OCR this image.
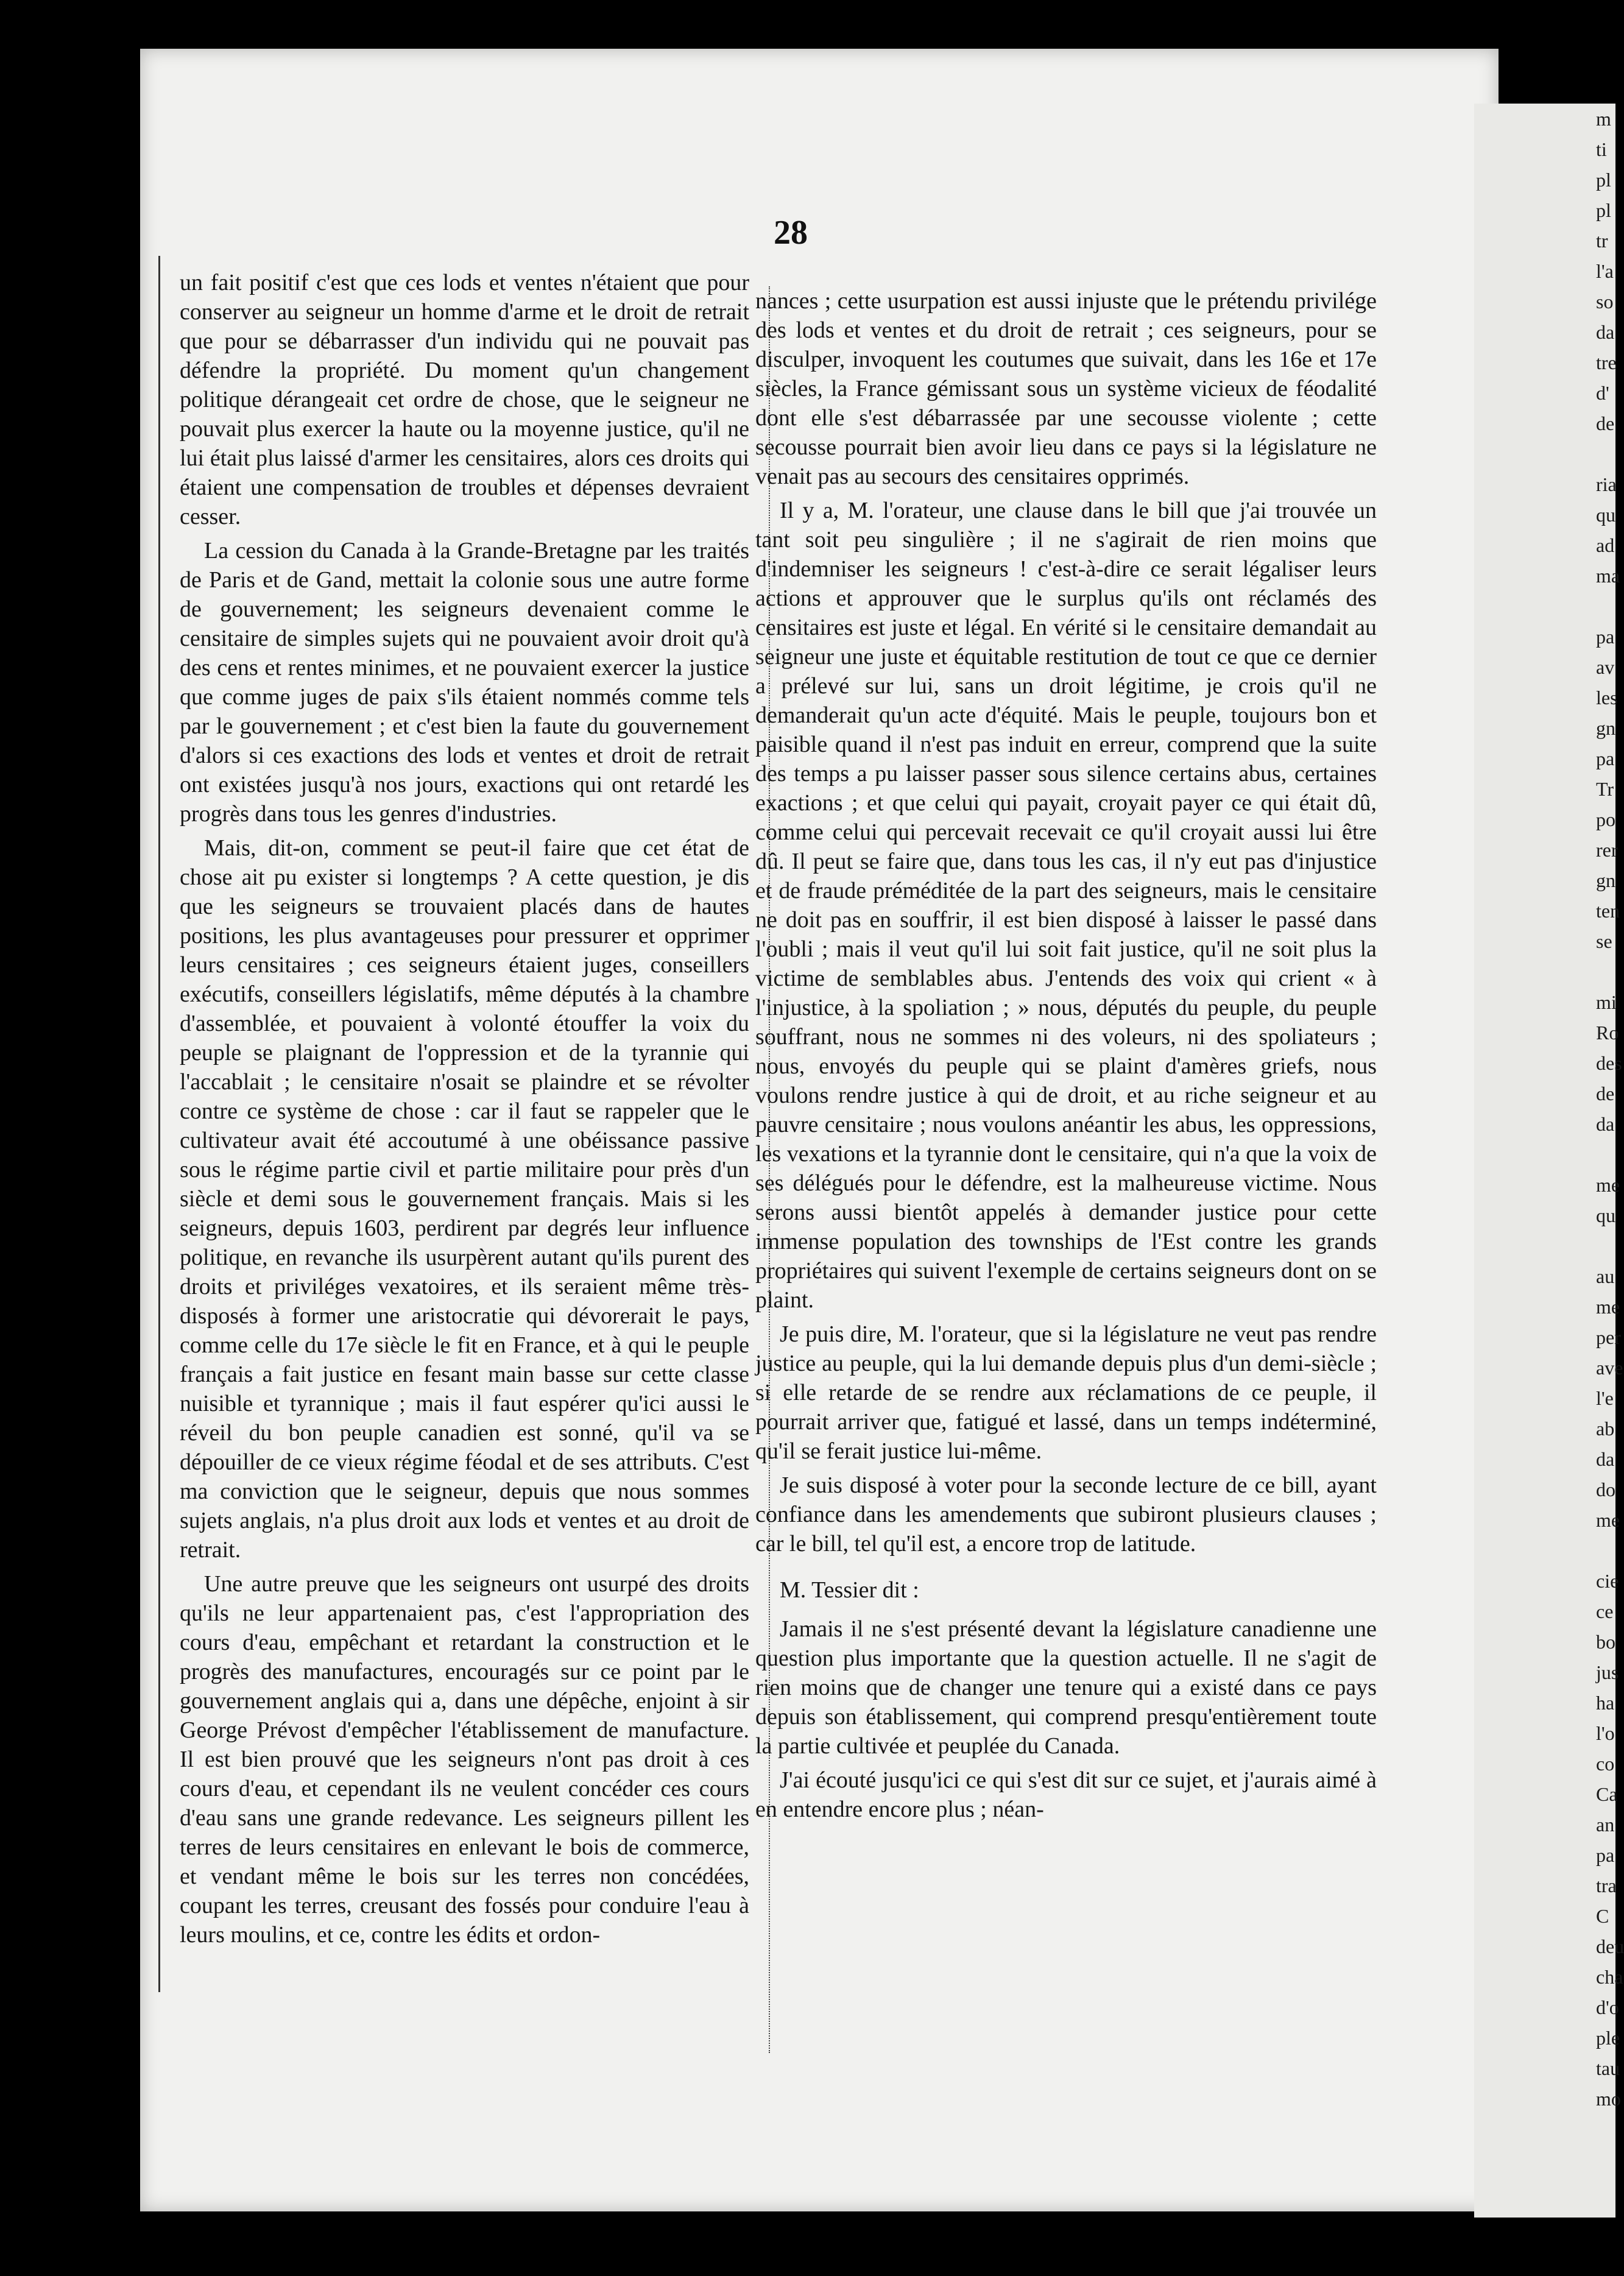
28

un fait positif c'est que ces lods et ventes n'étaient que pour conserver au seigneur un homme d'arme et le droit de retrait que pour se débarrasser d'un individu qui ne pouvait pas défendre la propriété. Du moment qu'un changement politique dérangeait cet ordre de chose, que le seigneur ne pouvait plus exercer la haute ou la moyenne justice, qu'il ne lui était plus laissé d'armer les censitaires, alors ces droits qui étaient une compensation de troubles et dépenses devraient cesser.

La cession du Canada à la Grande-Bretagne par les traités de Paris et de Gand, mettait la colonie sous une autre forme de gouvernement; les seigneurs devenaient comme le censitaire de simples sujets qui ne pouvaient avoir droit qu'à des cens et rentes minimes, et ne pouvaient exercer la justice que comme juges de paix s'ils étaient nommés comme tels par le gouvernement ; et c'est bien la faute du gouvernement d'alors si ces exactions des lods et ventes et droit de retrait ont existées jusqu'à nos jours, exactions qui ont retardé les progrès dans tous les genres d'industries.

Mais, dit-on, comment se peut-il faire que cet état de chose ait pu exister si longtemps ? A cette question, je dis que les seigneurs se trouvaient placés dans de hautes positions, les plus avantageuses pour pressurer et opprimer leurs censitaires ; ces seigneurs étaient juges, conseillers exécutifs, conseillers législatifs, même députés à la chambre d'assemblée, et pouvaient à volonté étouffer la voix du peuple se plaignant de l'oppression et de la tyrannie qui l'accablait ; le censitaire n'osait se plaindre et se révolter contre ce système de chose : car il faut se rappeler que le cultivateur avait été accoutumé à une obéissance passive sous le régime partie civil et partie militaire pour près d'un siècle et demi sous le gouvernement français. Mais si les seigneurs, depuis 1603, perdirent par degrés leur influence politique, en revanche ils usurpèrent autant qu'ils purent des droits et priviléges vexatoires, et ils seraient même très-disposés à former une aristocratie qui dévorerait le pays, comme celle du 17e siècle le fit en France, et à qui le peuple français a fait justice en fesant main basse sur cette classe nuisible et tyrannique ; mais il faut espérer qu'ici aussi le réveil du bon peuple canadien est sonné, qu'il va se dépouiller de ce vieux régime féodal et de ses attributs. C'est ma conviction que le seigneur, depuis que nous sommes sujets anglais, n'a plus droit aux lods et ventes et au droit de retrait.

Une autre preuve que les seigneurs ont usurpé des droits qu'ils ne leur appartenaient pas, c'est l'appropriation des cours d'eau, empêchant et retardant la construction et le progrès des manufactures, encouragés sur ce point par le gouvernement anglais qui a, dans une dépêche, enjoint à sir George Prévost d'empêcher l'établissement de manufacture. Il est bien prouvé que les seigneurs n'ont pas droit à ces cours d'eau, et cependant ils ne veulent concéder ces cours d'eau sans une grande redevance. Les seigneurs pillent les terres de leurs censitaires en enlevant le bois de commerce, et vendant même le bois sur les terres non concédées, coupant les terres, creusant des fossés pour conduire l'eau à leurs moulins, et ce, contre les édits et ordon-

nances ; cette usurpation est aussi injuste que le prétendu privilége des lods et ventes et du droit de retrait ; ces seigneurs, pour se disculper, invoquent les coutumes que suivait, dans les 16e et 17e siècles, la France gémissant sous un système vicieux de féodalité dont elle s'est débarrassée par une secousse violente ; cette secousse pourrait bien avoir lieu dans ce pays si la législature ne venait pas au secours des censitaires opprimés.

Il y a, M. l'orateur, une clause dans le bill que j'ai trouvée un tant soit peu singulière ; il ne s'agirait de rien moins que d'indemniser les seigneurs ! c'est-à-dire ce serait légaliser leurs actions et approuver que le surplus qu'ils ont réclamés des censitaires est juste et légal. En vérité si le censitaire demandait au seigneur une juste et équitable restitution de tout ce que ce dernier a prélevé sur lui, sans un droit légitime, je crois qu'il ne demanderait qu'un acte d'équité. Mais le peuple, toujours bon et paisible quand il n'est pas induit en erreur, comprend que la suite des temps a pu laisser passer sous silence certains abus, certaines exactions ; et que celui qui payait, croyait payer ce qui était dû, comme celui qui percevait recevait ce qu'il croyait aussi lui être dû. Il peut se faire que, dans tous les cas, il n'y eut pas d'injustice et de fraude préméditée de la part des seigneurs, mais le censitaire ne doit pas en souffrir, il est bien disposé à laisser le passé dans l'oubli ; mais il veut qu'il lui soit fait justice, qu'il ne soit plus la victime de semblables abus. J'entends des voix qui crient « à l'injustice, à la spoliation ; » nous, députés du peuple, du peuple souffrant, nous ne sommes ni des voleurs, ni des spoliateurs ; nous, envoyés du peuple qui se plaint d'amères griefs, nous voulons rendre justice à qui de droit, et au riche seigneur et au pauvre censitaire ; nous voulons anéantir les abus, les oppressions, les vexations et la tyrannie dont le censitaire, qui n'a que la voix de ses délégués pour le défendre, est la malheureuse victime. Nous serons aussi bientôt appelés à demander justice pour cette immense population des townships de l'Est contre les grands propriétaires qui suivent l'exemple de certains seigneurs dont on se plaint.

Je puis dire, M. l'orateur, que si la législature ne veut pas rendre justice au peuple, qui la lui demande depuis plus d'un demi-siècle ; si elle retarde de se rendre aux réclamations de ce peuple, il pourrait arriver que, fatigué et lassé, dans un temps indéterminé, qu'il se ferait justice lui-même.

Je suis disposé à voter pour la seconde lecture de ce bill, ayant confiance dans les amendements que subiront plusieurs clauses ; car le bill, tel qu'il est, a encore trop de latitude.

M. Tessier dit :

Jamais il ne s'est présenté devant la législature canadienne une question plus importante que la question actuelle. Il ne s'agit de rien moins que de changer une tenure qui a existé dans ce pays depuis son établissement, qui comprend presqu'entièrement toute la partie cultivée et peuplée du Canada.

J'ai écouté jusqu'ici ce qui s'est dit sur ce sujet, et j'aurais aimé à en entendre encore plus ; néan-

m
ti
pl
pl
tr
l'a
so
da
tre
d'
de

ria
qu
ad
ma

pa
av
les
gn
pa
Tr
po
rer
gn
ten
se

mi
Ro
des
de
da

me
qu

au
me
per
ave
l'e
ab
da
do
me

cie
ce
bo
jus
ha
l'o
co
Ca
an
pa
tra
C
deu
cha
d'o
ple
tau
mo
